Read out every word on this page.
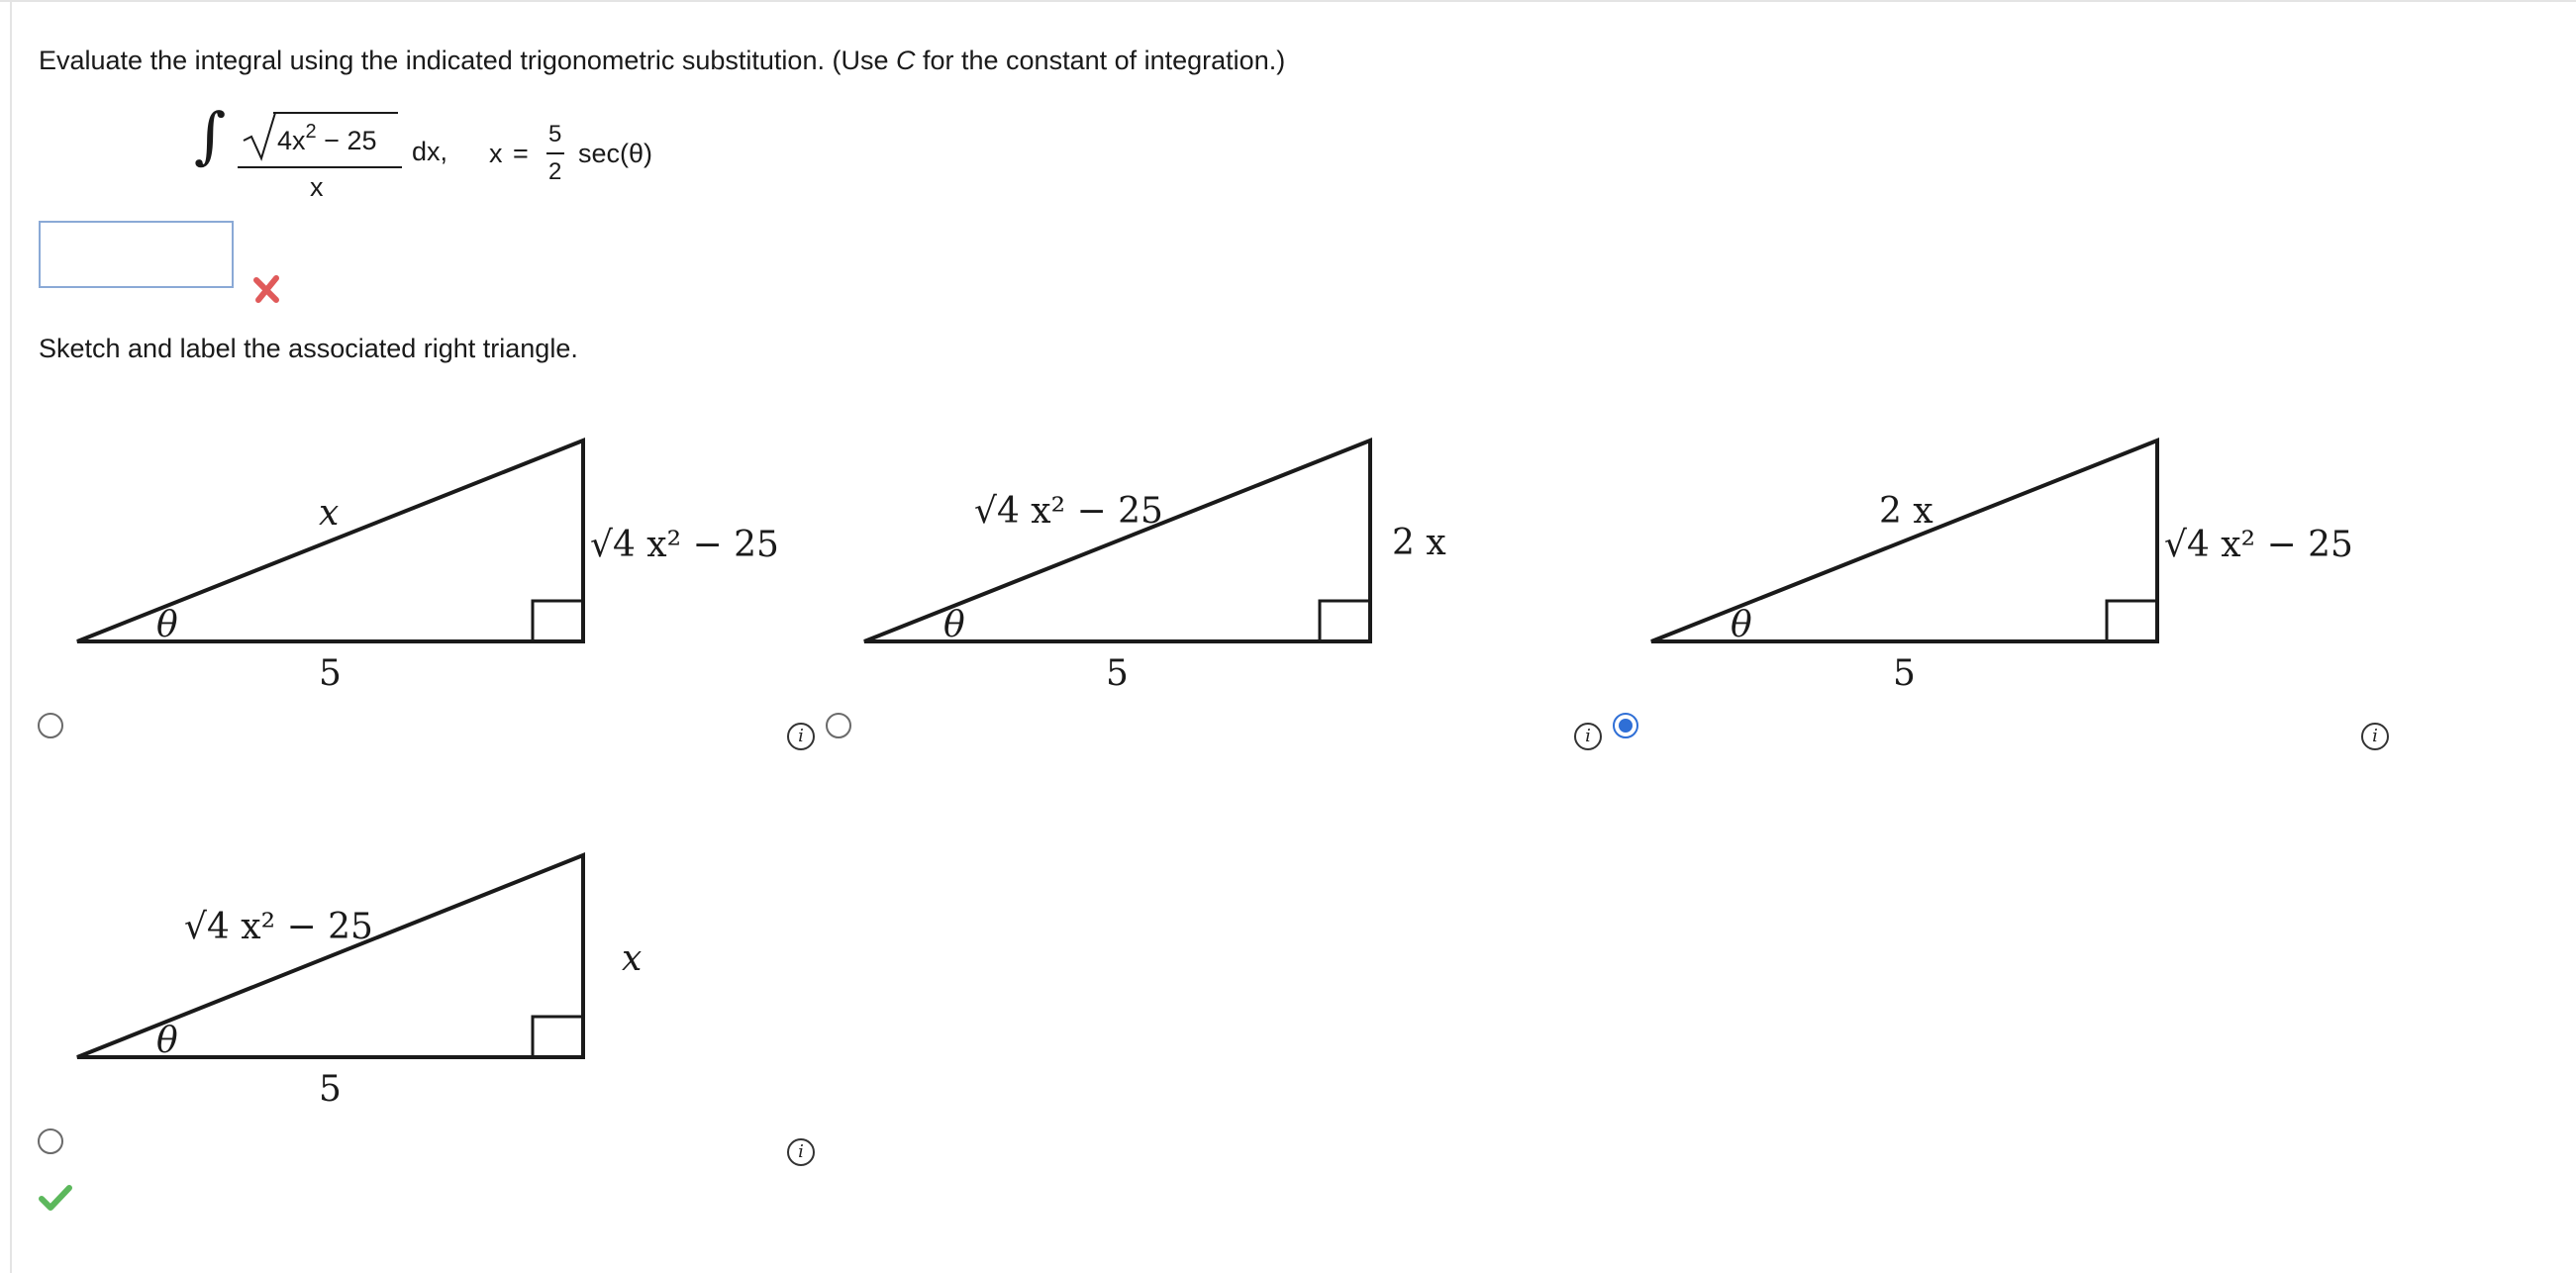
Evaluate the integral using the indicated trigonometric substitution. (Use C for the constant of integration.)
∫ $4x^2 - 25$
x
dx, x =
5
2
sec(θ)
Sketch and label the associated right triangle.
θ
5
x
√4 x² − 25
θ
5
√4 x² − 25
2 x
θ
5
2 x
√4 x² − 25
θ
5
√4 x² − 25
x
i	i	i
i
